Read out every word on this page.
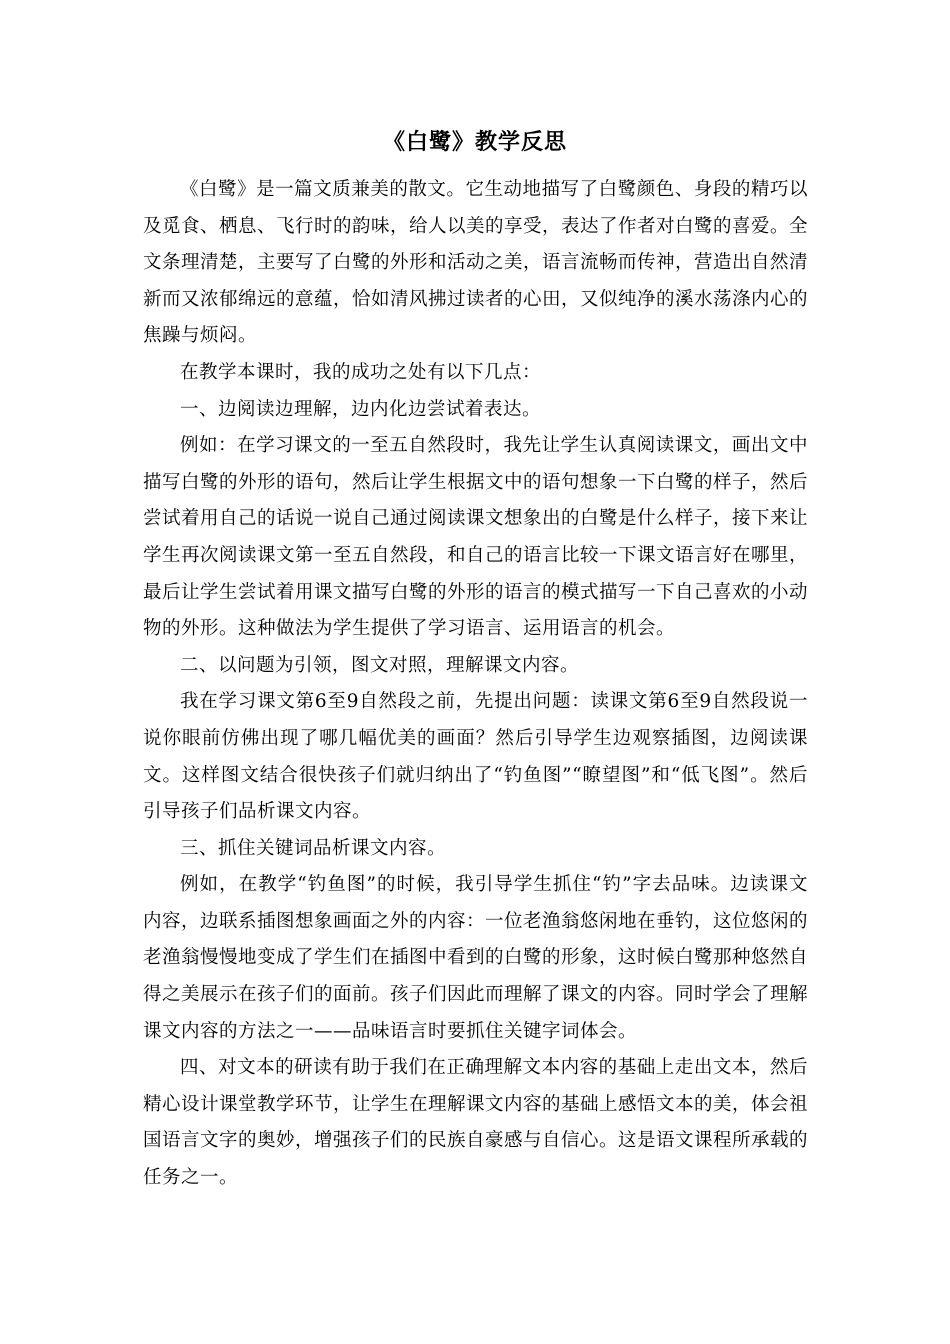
《白鹭》教学反思

《白鹭》是一篇文质兼美的散文。它生动地描写了白鹭颜色、身段的精巧以及觅食、栖息、飞行时的韵味，给人以美的享受，表达了作者对白鹭的喜爱。全文条理清楚，主要写了白鹭的外形和活动之美，语言流畅而传神，营造出自然清新而又浓郁绵远的意蕴，恰如清风拂过读者的心田，又似纯净的溪水荡涤内心的焦躁与烦闷。

在教学本课时，我的成功之处有以下几点：

一、边阅读边理解，边内化边尝试着表达。

例如：在学习课文的一至五自然段时，我先让学生认真阅读课文，画出文中描写白鹭的外形的语句，然后让学生根据文中的语句想象一下白鹭的样子，然后尝试着用自己的话说一说自己通过阅读课文想象出的白鹭是什么样子，接下来让学生再次阅读课文第一至五自然段，和自己的语言比较一下课文语言好在哪里，最后让学生尝试着用课文描写白鹭的外形的语言的模式描写一下自己喜欢的小动物的外形。这种做法为学生提供了学习语言、运用语言的机会。

二、以问题为引领，图文对照，理解课文内容。

我在学习课文第6至9自然段之前，先提出问题：读课文第6至9自然段说一说你眼前仿佛出现了哪几幅优美的画面？然后引导学生边观察插图，边阅读课文。这样图文结合很快孩子们就归纳出了“钓鱼图”“瞭望图”和“低飞图”。然后引导孩子们品析课文内容。

三、抓住关键词品析课文内容。

例如，在教学“钓鱼图”的时候，我引导学生抓住“钓”字去品味。边读课文内容，边联系插图想象画面之外的内容：一位老渔翁悠闲地在垂钓，这位悠闲的老渔翁慢慢地变成了学生们在插图中看到的白鹭的形象，这时候白鹭那种悠然自得之美展示在孩子们的面前。孩子们因此而理解了课文的内容。同时学会了理解课文内容的方法之一——品味语言时要抓住关键字词体会。

四、对文本的研读有助于我们在正确理解文本内容的基础上走出文本，然后精心设计课堂教学环节，让学生在理解课文内容的基础上感悟文本的美，体会祖国语言文字的奥妙，增强孩子们的民族自豪感与自信心。这是语文课程所承载的任务之一。
